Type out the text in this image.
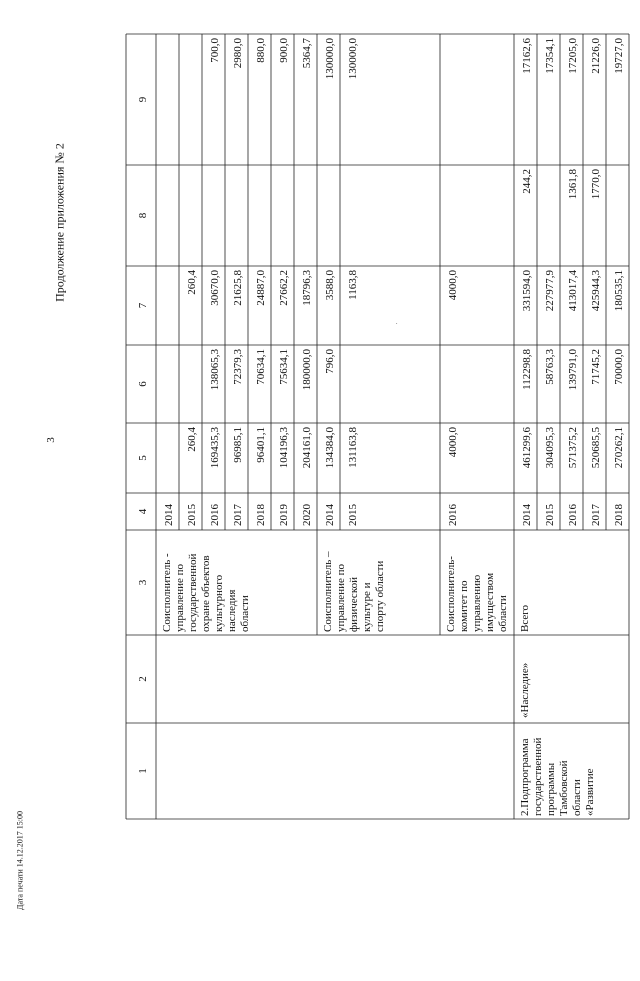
3
Продолжение приложения № 2
Дата печати 14.12.2017 15:00
.
1
2
3
4
5
6
7
8
9
2014 2015
260,4
260,4
2016
169435,3
138065,3
30670,0
700,0
2017
96985,1
72379,3
21625,8
2980,0
2018
96401,1
70634,1
24887,0
880,0
2019
104196,3
75634,1
27662,2
900,0
2020
204161,0
180000,0
18796,3
5364,7
2014
134384,0
796,0
3588,0
130000,0
2015
131163,8
1163,8
130000,0
2016
4000,0
4000,0
2014
461299,6
112298,8
331594,0
244,2
17162,6
2015
304095,3
58763,3
227977,9
17354,1
2016
571375,2
139791,0
413017,4
1361,8
17205,0
2017
520685,5
71745,2
425944,3
1770,0
21226,0
2018
270262,1
70000,0
180535,1
19727,0
Соисполнитель - управление по государственной охране объектов культурного наследия области	Соисполнитель – управление по физической культуре и спорту области	Соисполнитель- комитет по управлению имуществом области Всего
2.Подпрограмма государственной программы Тамбовской области «Развитие
«Наследие»
